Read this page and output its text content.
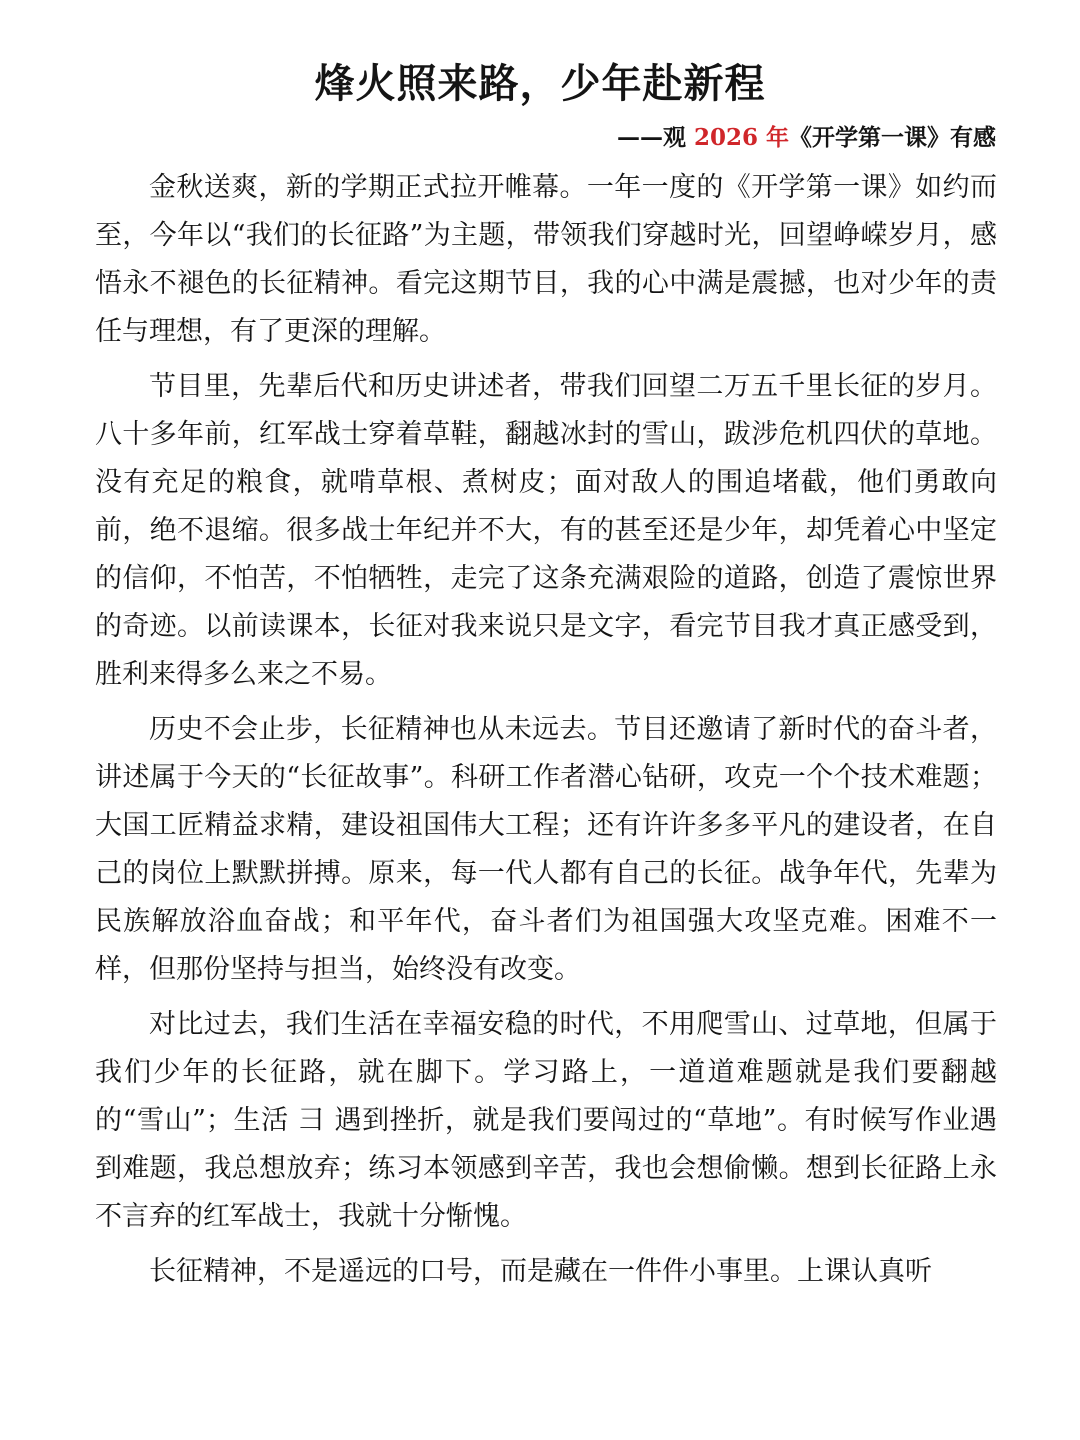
烽火照来路，少年赴新程
——观 2026 年《开学第一课》有感

金秋送爽，新的学期正式拉开帷幕。一年一度的《开学第一课》如约而至，今年以“我们的长征路”为主题，带领我们穿越时光，回望峥嵘岁月，感悟永不褪色的长征精神。看完这期节目，我的心中满是震撼，也对少年的责任与理想，有了更深的理解。

节目里，先辈后代和历史讲述者，带我们回望二万五千里长征的岁月。八十多年前，红军战士穿着草鞋，翻越冰封的雪山，跋涉危机四伏的草地。没有充足的粮食，就啃草根、煮树皮；面对敌人的围追堵截，他们勇敢向前，绝不退缩。很多战士年纪并不大，有的甚至还是少年，却凭着心中坚定的信仰，不怕苦，不怕牺牲，走完了这条充满艰险的道路，创造了震惊世界的奇迹。以前读课本，长征对我来说只是文字，看完节目我才真正感受到，胜利来得多么来之不易。

历史不会止步，长征精神也从未远去。节目还邀请了新时代的奋斗者，讲述属于今天的“长征故事”。科研工作者潜心钻研，攻克一个个技术难题；大国工匠精益求精，建设祖国伟大工程；还有许许多多平凡的建设者，在自己的岗位上默默拼搏。原来，每一代人都有自己的长征。战争年代，先辈为民族解放浴血奋战；和平年代，奋斗者们为祖国强大攻坚克难。困难不一样，但那份坚持与担当，始终没有改变。

对比过去，我们生活在幸福安稳的时代，不用爬雪山、过草地，但属于我们少年的长征路，就在脚下。学习路上，一道道难题就是我们要翻越的“雪山”；生活 ⺕ 遇到挫折，就是我们要闯过的“草地”。有时候写作业遇到难题，我总想放弃；练习本领感到辛苦，我也会想偷懒。想到长征路上永不言弃的红军战士，我就十分惭愧。

长征精神，不是遥远的口号，而是藏在一件件小事里。上课认真听
